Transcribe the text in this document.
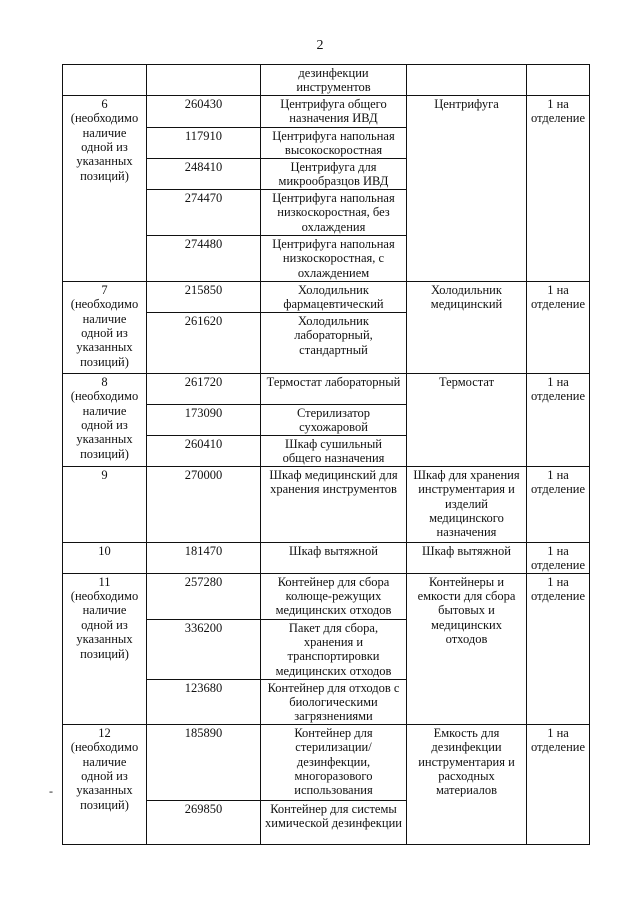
2
		дезинфекции инструментов		
6 (необходимо наличие одной из указанных позиций)	260430	Центрифуга общего назначения ИВД	Центрифуга	1 на отделение
	117910	Центрифуга напольная высокоскоростная		
	248410	Центрифуга для микрообразцов ИВД		
	274470	Центрифуга напольная низкоскоростная, без охлаждения		
	274480	Центрифуга напольная низкоскоростная, с охлаждением		
7 (необходимо наличие одной из указанных позиций)	215850	Холодильник фармацевтический	Холодильник медицинский	1 на отделение
	261620	Холодильник лабораторный, стандартный		
8 (необходимо наличие одной из указанных позиций)	261720	Термостат лабораторный	Термостат	1 на отделение
	173090	Стерилизатор сухожаровой		
	260410	Шкаф сушильный общего назначения		
9	270000	Шкаф медицинский для хранения инструментов	Шкаф для хранения инструментария и изделий медицинского назначения	1 на отделение
10	181470	Шкаф вытяжной	Шкаф вытяжной	1 на отделение
11 (необходимо наличие одной из указанных позиций)	257280	Контейнер для сбора колюще-режущих медицинских отходов	Контейнеры и емкости для сбора бытовых и медицинских отходов	1 на отделение
	336200	Пакет для сбора, хранения и транспортировки медицинских отходов		
	123680	Контейнер для отходов с биологическими загрязнениями		
12 (необходимо наличие одной из указанных позиций)	185890	Контейнер для стерилизации/ дезинфекции, многоразового использования	Емкость для дезинфекции инструментария и расходных материалов	1 на отделение
	269850	Контейнер для системы химической дезинфекции		
-
